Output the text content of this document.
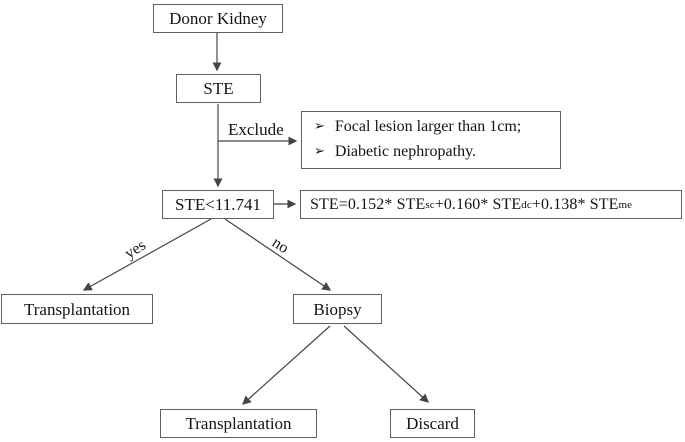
Donor Kidney
STE
Exclude ➢ Focal lesion larger than 1cm;
➢ Diabetic nephropathy.
STE<11.741	STE=0.152* STE sc +0.160* STE dc +0.138* STE me
yes	no
Transplantation	Biopsy
Transplantation	Discard
